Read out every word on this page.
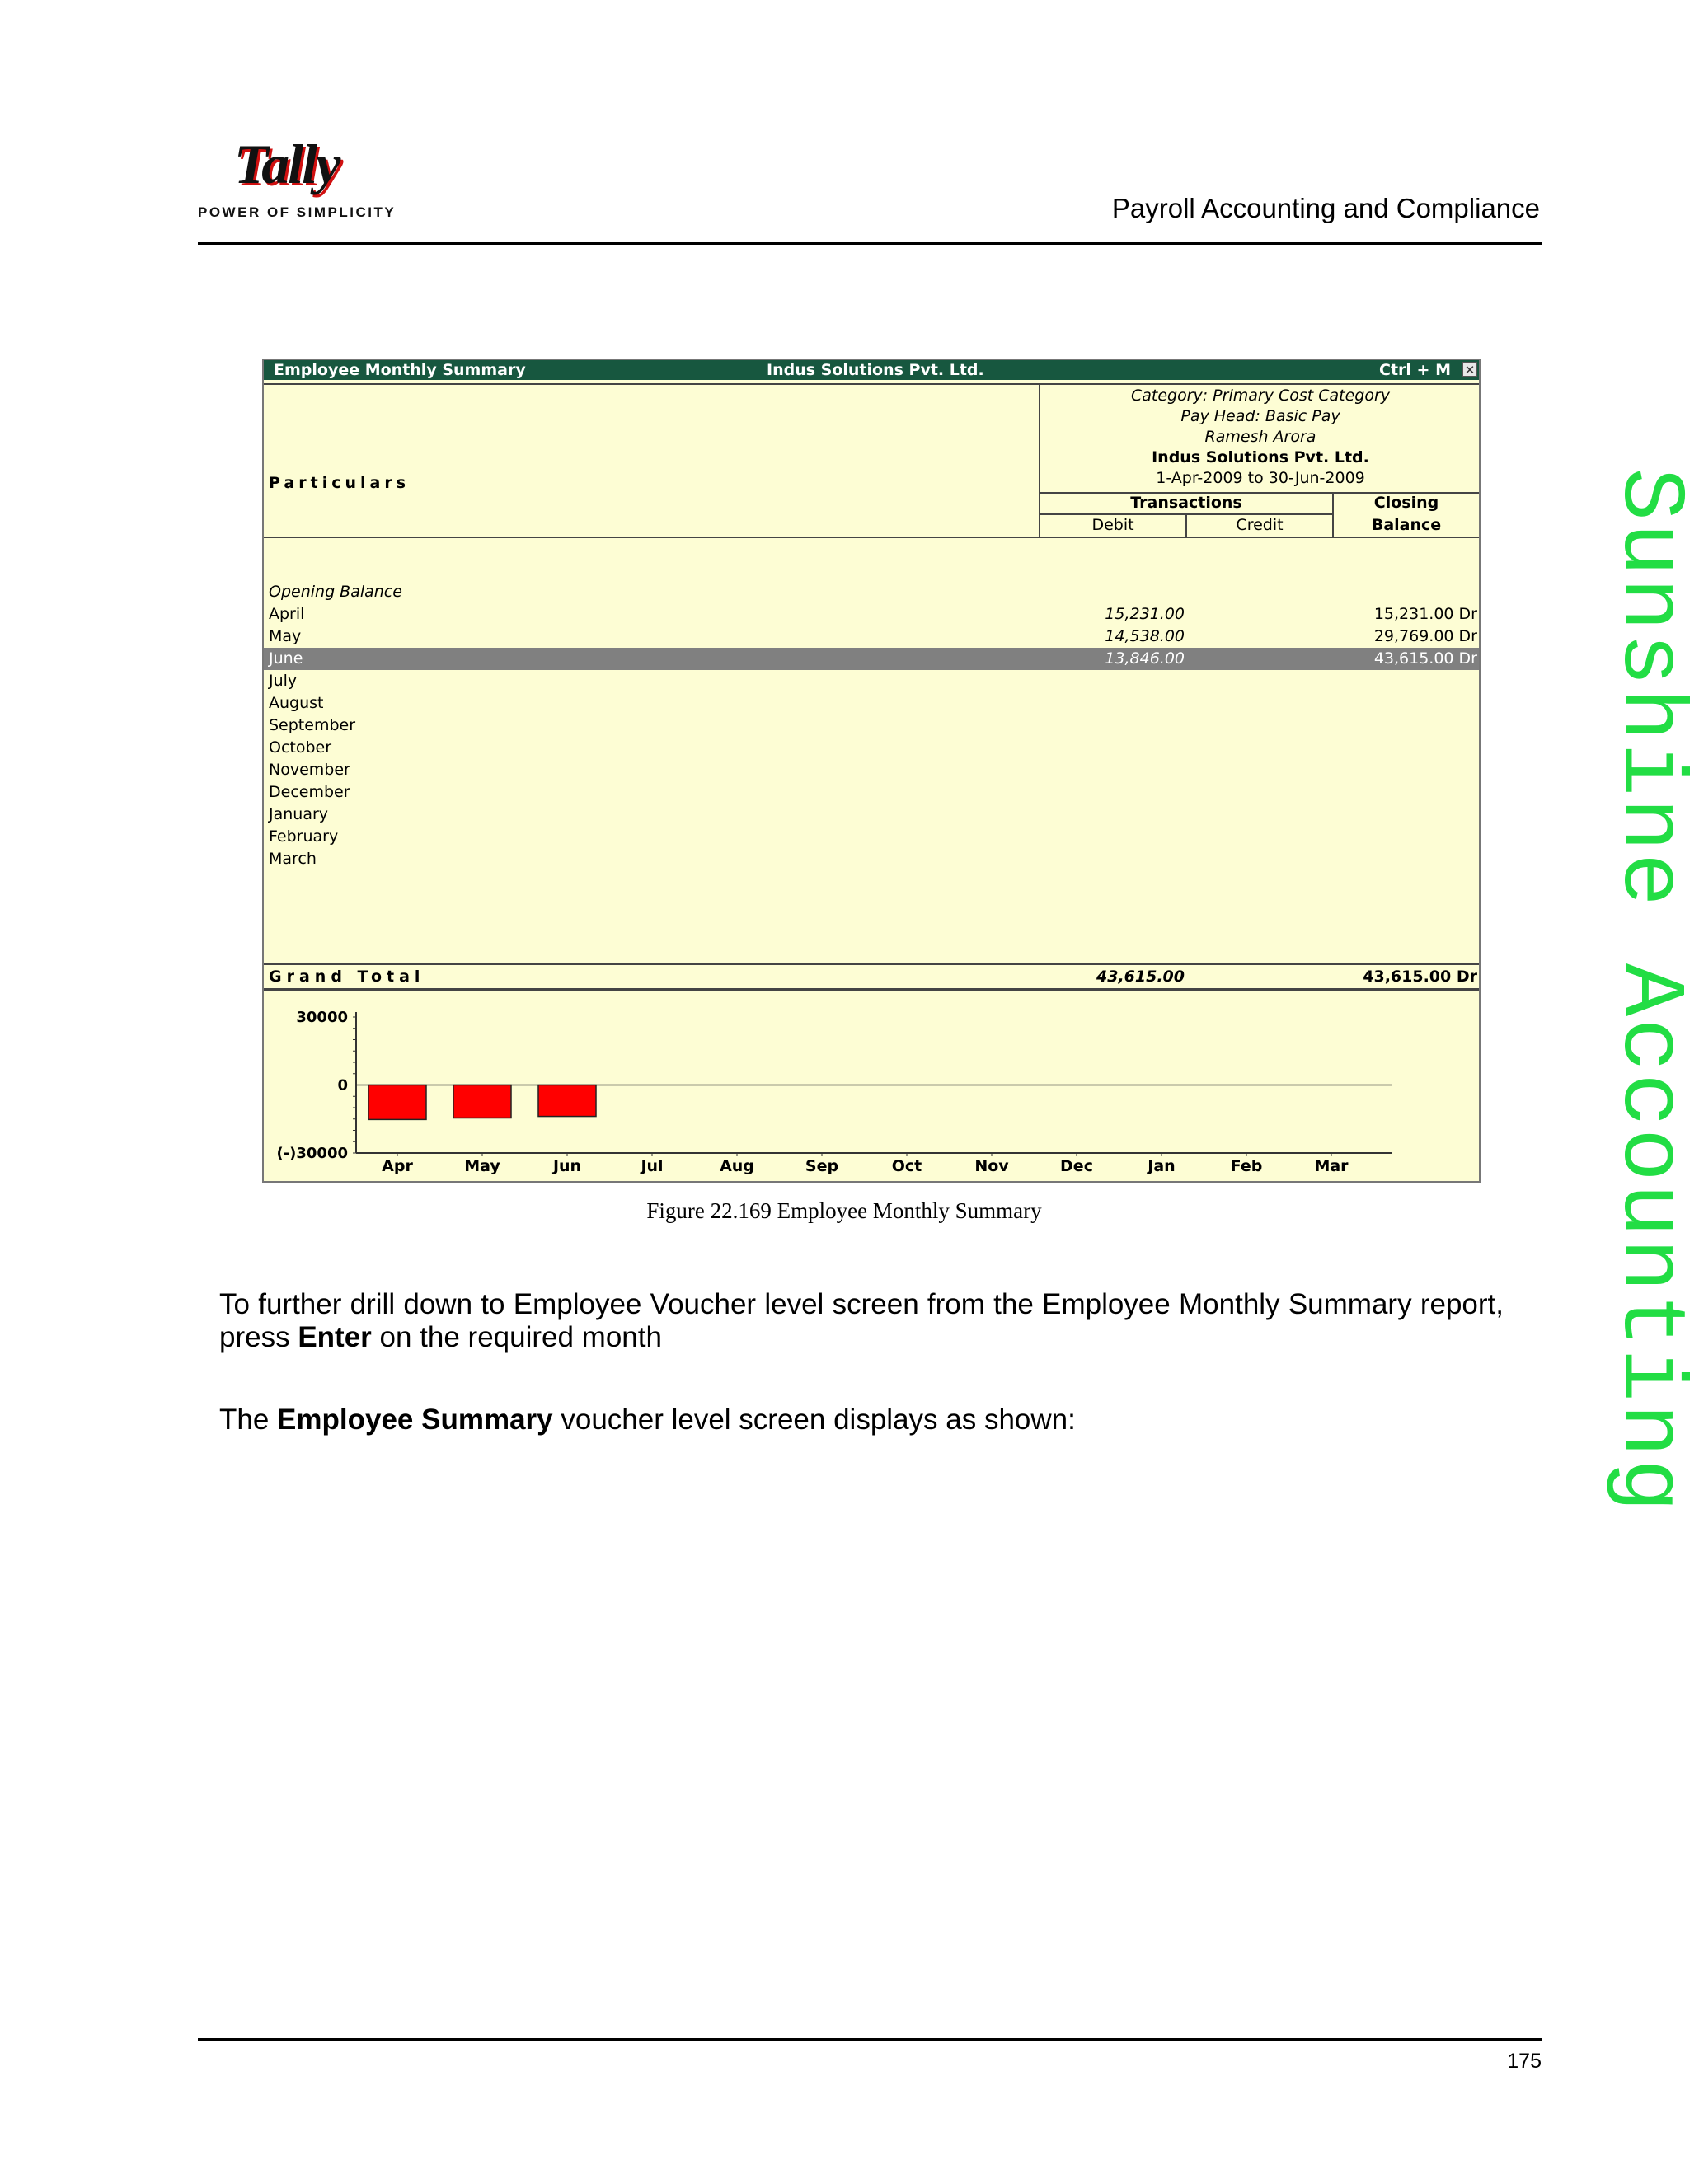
Tally
POWER OF SIMPLICITY	Payroll Accounting and Compliance
Sunshine Accounting
Employee Monthly Summary	Indus Solutions Pvt. Ltd.	Ctrl + M ✕
Particulars
Category: Primary Cost Category
Pay Head: Basic Pay
Ramesh Arora
Indus Solutions Pvt. Ltd.
1-Apr-2009 to 30-Jun-2009
Transactions
Debit	Credit
Closing
Balance
Opening Balance
April	15,231.00	15,231.00 Dr
May	14,538.00	29,769.00 Dr
June	13,846.00	43,615.00 Dr
July
August
September
October
November
December
January
February
March
Grand Total	43,615.00	43,615.00 Dr
30000
0
(-)30000
Apr	May	Jun	Jul	Aug	Sep	Oct	Nov	Dec	Jan	Feb	Mar
Figure 22.169 Employee Monthly Summary
To further drill down to Employee Voucher level screen from the Employee Monthly Summary report, press Enter on the required month
The Employee Summary voucher level screen displays as shown:
175
